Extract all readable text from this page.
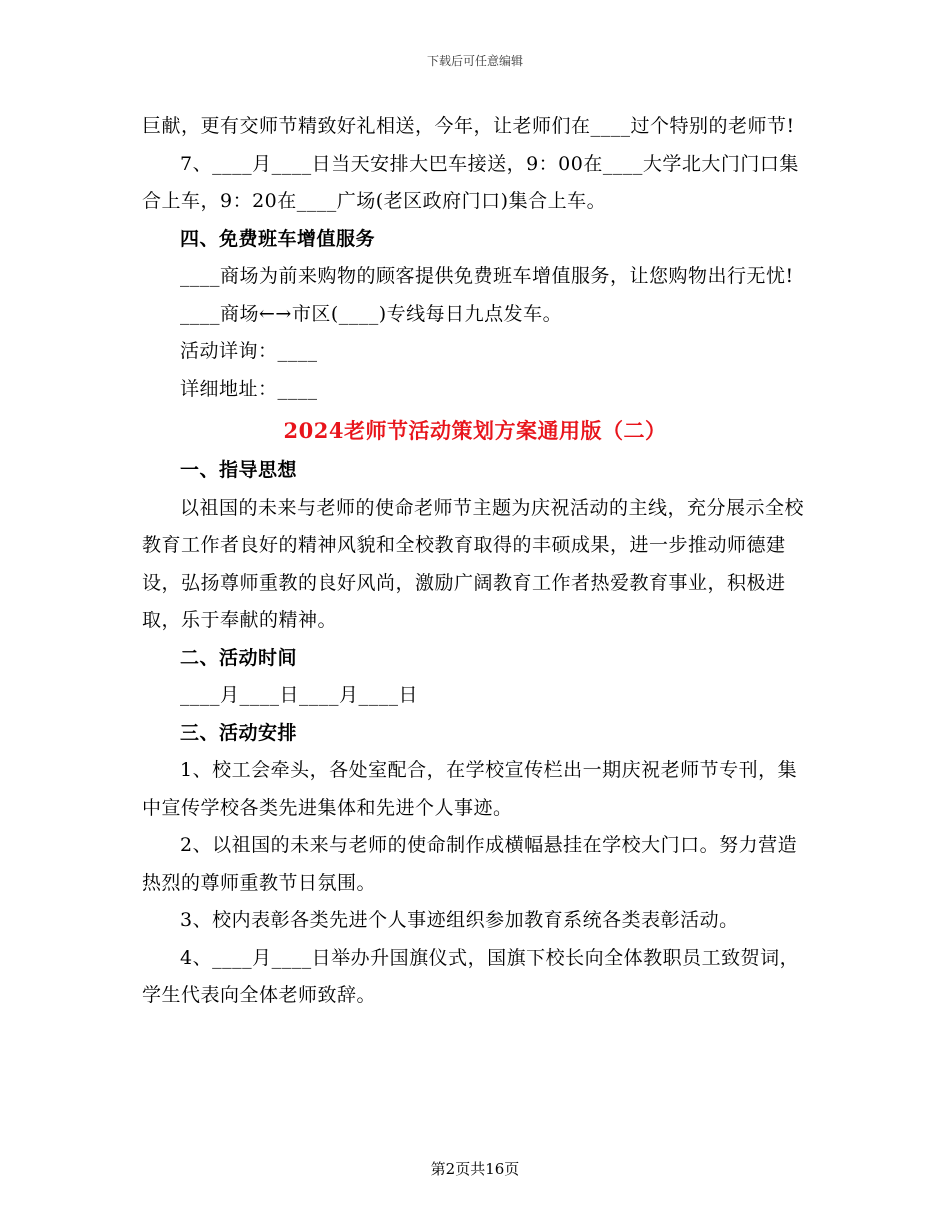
下载后可任意编辑

巨献，更有交师节精致好礼相送，今年，让老师们在____过个特别的老师节!

7、____月____日当天安排大巴车接送，9：00在____大学北大门门口集合上车，9：20在____广场(老区政府门口)集合上车。

四、免费班车增值服务

____商场为前来购物的顾客提供免费班车增值服务，让您购物出行无忧!

____商场←→市区(____)专线每日九点发车。

活动详询：____

详细地址：____

2024老师节活动策划方案通用版（二）

一、指导思想

以祖国的未来与老师的使命老师节主题为庆祝活动的主线，充分展示全校教育工作者良好的精神风貌和全校教育取得的丰硕成果，进一步推动师德建设，弘扬尊师重教的良好风尚，激励广阔教育工作者热爱教育事业，积极进取，乐于奉献的精神。

二、活动时间

____月____日____月____日

三、活动安排

1、校工会牵头，各处室配合，在学校宣传栏出一期庆祝老师节专刊，集中宣传学校各类先进集体和先进个人事迹。

2、以祖国的未来与老师的使命制作成横幅悬挂在学校大门口。努力营造热烈的尊师重教节日氛围。

3、校内表彰各类先进个人事迹组织参加教育系统各类表彰活动。

4、____月____日举办升国旗仪式，国旗下校长向全体教职员工致贺词，学生代表向全体老师致辞。

第2页共16页
